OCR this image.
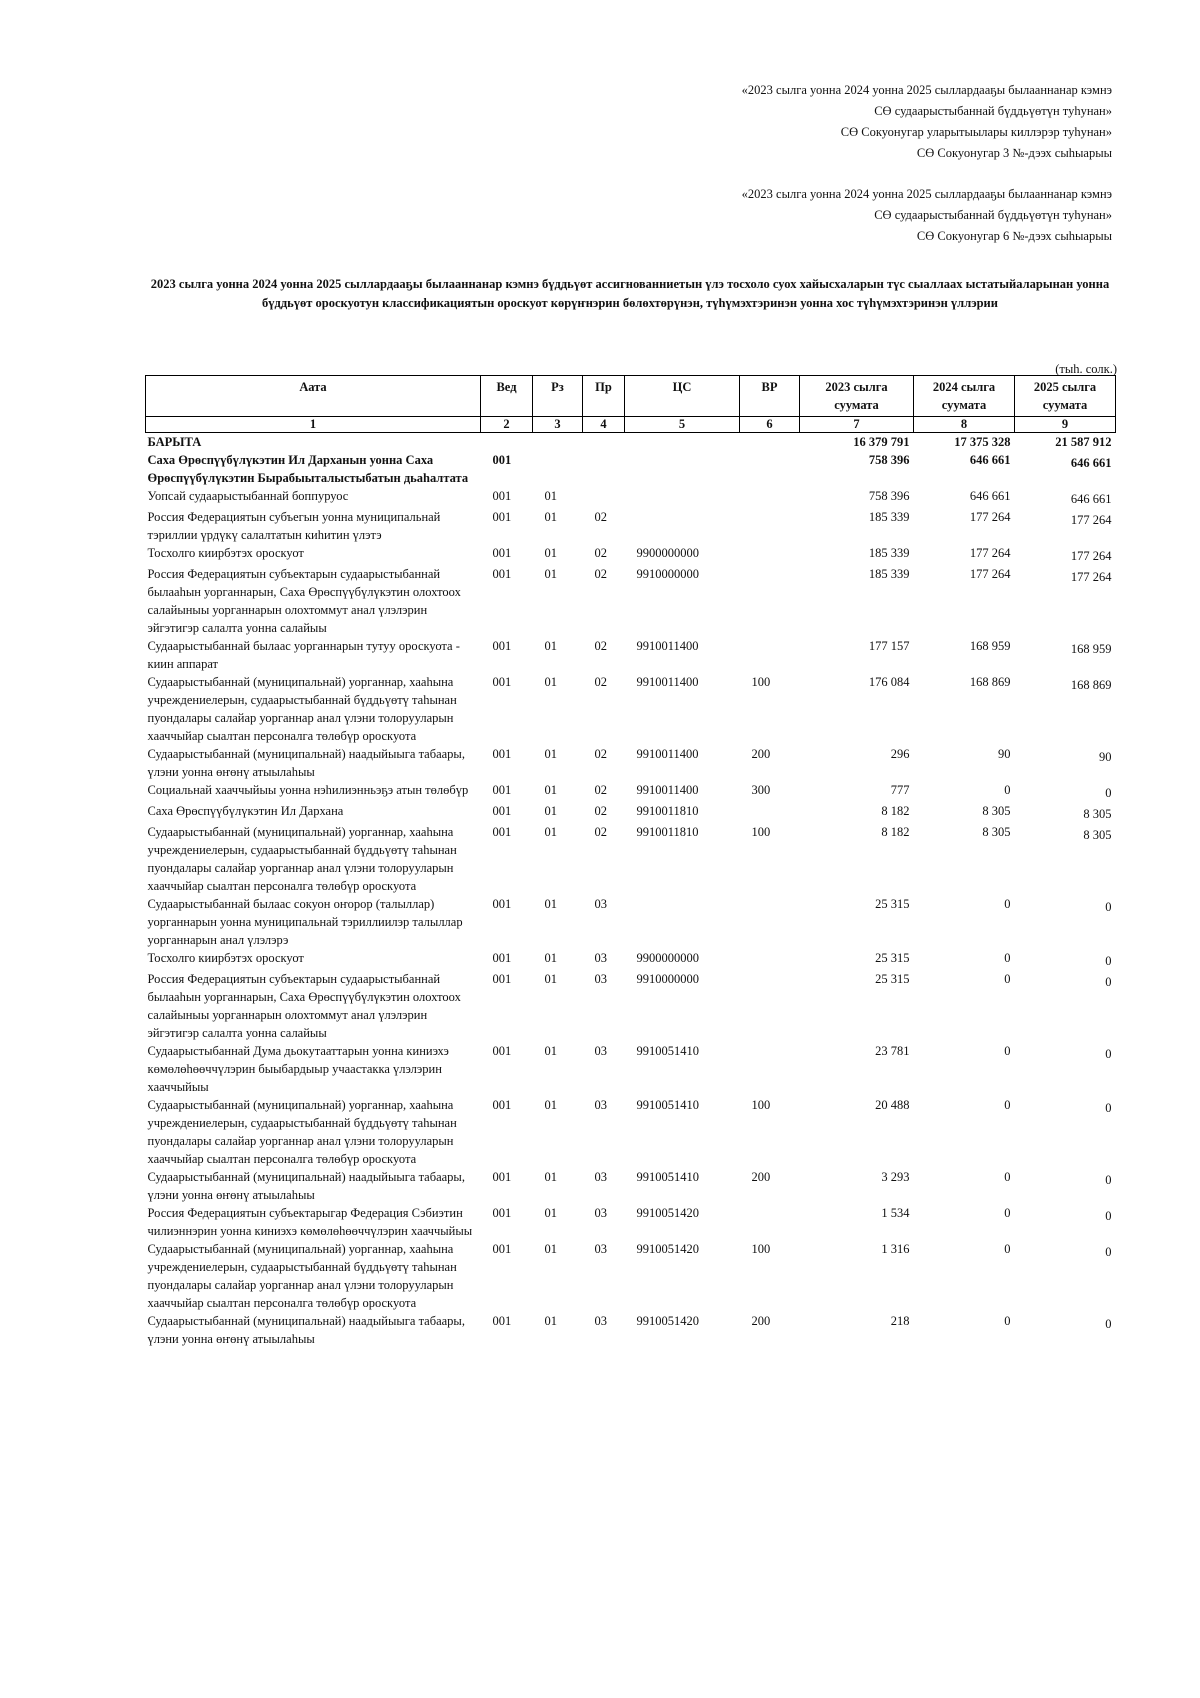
«2023 сылга уонна 2024 уонна 2025 сыллардааҕы былааннанар кэмнэ
СӨ судаарыстыбаннай бүддьүөтүн туһунан»
СӨ Сокуонугар уларытыылары киллэрэр туһунан»
СӨ Сокуонугар 3 №-дээх сыһыарыы
«2023 сылга уонна 2024 уонна 2025 сыллардааҕы былааннанар кэмнэ
СӨ судаарыстыбаннай бүддьүөтүн туһунан»
СӨ Сокуонугар 6 №-дээх сыһыарыы
2023 сылга уонна 2024 уонна 2025 сыллардааҕы былааннанар кэмнэ бүддьүөт ассигнованниетын үлэ тосхоло суох хайысхаларын түс сыаллаах ыстатыйаларынан уонна бүддьүөт ороскуотун классификациятын ороскуот көрүҥнэрин бөлөхтөрүнэн, түһүмэхтэринэн уонна хос түһүмэхтэринэн үллэрии
(тыһ. солк.)
Аата	Вед	Рз	Пр	ЦС	ВР	2023 сылга суумата	2024 сылга суумата	2025 сылга суумата
1	2	3	4	5	6	7	8	9
БАРЫТА						16 379 791	17 375 328	21 587 912
Саха Өрөспүүбүлүкэтин Ил Дарханын уонна Саха Өрөспүүбүлүкэтин Бырабыыталыстыбатын дьаһалтата	001					758 396	646 661	646 661
Уопсай судаарыстыбаннай боппуруос	001	01				758 396	646 661	646 661
Россия Федерациятын субъегын уонна муниципальнай тэриллии үрдүкү салалтатын киһитин үлэтэ	001	01	02			185 339	177 264	177 264
Тосхолго киирбэтэх ороскуот	001	01	02	9900000000		185 339	177 264	177 264
Россия Федерациятын субъектарын судаарыстыбаннай былааһын уорганнарын, Саха Өрөспүүбүлүкэтин олохтоох салайыныы уорганнарын олохтоммут анал үлэлэрин эйгэтигэр салалта уонна салайыы	001	01	02	9910000000		185 339	177 264	177 264
Судаарыстыбаннай былаас уорганнарын тутуу ороскуота - киин аппарат	001	01	02	9910011400		177 157	168 959	168 959
Судаарыстыбаннай (муниципальнай) уорганнар, хааһына учреждениелерын, судаарыстыбаннай бүддьүөтү таһынан пуондалары салайар уорганнар анал үлэни толорууларын хааччыйар сыалтан персоналга төлөбүр ороскуота	001	01	02	9910011400	100	176 084	168 869	168 869
Судаарыстыбаннай (муниципальнай) наадыйыыга табаары, үлэни уонна өҥөнү атыылаһыы	001	01	02	9910011400	200	296	90	90
Социальнай хааччыйыы уонна нэһилиэнньэҕэ атын төлөбүр	001	01	02	9910011400	300	777	0	0
Саха Өрөспүүбүлүкэтин Ил Дархана	001	01	02	9910011810		8 182	8 305	8 305
Судаарыстыбаннай (муниципальнай) уорганнар, хааһына учреждениелерын, судаарыстыбаннай бүддьүөтү таһынан пуондалары салайар уорганнар анал үлэни толорууларын хааччыйар сыалтан персоналга төлөбүр ороскуота	001	01	02	9910011810	100	8 182	8 305	8 305
Судаарыстыбаннай былаас сокуон оҥорор (талыллар) уорганнарын уонна муниципальнай тэриллиилэр талыллар уорганнарын анал үлэлэрэ	001	01	03			25 315	0	0
Тосхолго киирбэтэх ороскуот	001	01	03	9900000000		25 315	0	0
Россия Федерациятын субъектарын судаарыстыбаннай былааһын уорганнарын, Саха Өрөспүүбүлүкэтин олохтоох салайыныы уорганнарын олохтоммут анал үлэлэрин эйгэтигэр салалта уонна салайыы	001	01	03	9910000000		25 315	0	0
Судаарыстыбаннай Дума дьокутааттарын уонна киниэхэ көмөлөһөөччүлэрин быыбардыыр учаастакка үлэлэрин хааччыйыы	001	01	03	9910051410		23 781	0	0
Судаарыстыбаннай (муниципальнай) уорганнар, хааһына учреждениелерын, судаарыстыбаннай бүддьүөтү таһынан пуондалары салайар уорганнар анал үлэни толорууларын хааччыйар сыалтан персоналга төлөбүр ороскуота	001	01	03	9910051410	100	20 488	0	0
Судаарыстыбаннай (муниципальнай) наадыйыыга табаары, үлэни уонна өҥөнү атыылаһыы	001	01	03	9910051410	200	3 293	0	0
Россия Федерациятын субъектарыгар Федерация Сэбиэтин чилиэннэрин уонна киниэхэ көмөлөһөөччүлэрин хааччыйыы	001	01	03	9910051420		1 534	0	0
Судаарыстыбаннай (муниципальнай) уорганнар, хааһына учреждениелерын, судаарыстыбаннай бүддьүөтү таһынан пуондалары салайар уорганнар анал үлэни толорууларын хааччыйар сыалтан персоналга төлөбүр ороскуота	001	01	03	9910051420	100	1 316	0	0
Судаарыстыбаннай (муниципальнай) наадыйыыга табаары, үлэни уонна өҥөнү атыылаһыы	001	01	03	9910051420	200	218	0	0
